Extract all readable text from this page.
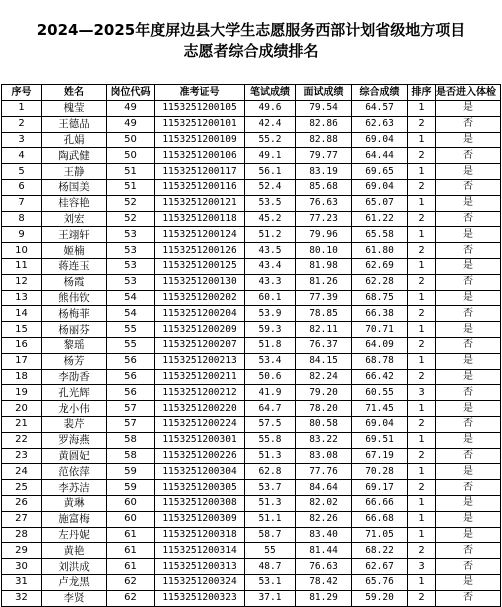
2024—2025年度屏边县大学生志愿服务西部计划省级地方项目
志愿者综合成绩排名
序号	姓名	岗位代码	准考证号	笔试成绩	面试成绩	综合成绩	排序	是否进入体检
1	槐莹	49	1153251200105	49.6	79.54	64.57	1	是
2	王德品	49	1153251200101	42.4	82.86	62.63	2	否
3	孔娟	50	1153251200109	55.2	82.88	69.04	1	是
4	陶武健	50	1153251200106	49.1	79.77	64.44	2	否
5	王静	51	1153251200117	56.1	83.19	69.65	1	是
6	杨国美	51	1153251200116	52.4	85.68	69.04	2	否
7	桂容艳	52	1153251200121	53.5	76.63	65.07	1	是
8	刘宏	52	1153251200118	45.2	77.23	61.22	2	否
9	王翊轩	53	1153251200124	51.2	79.96	65.58	1	是
10	姬楠	53	1153251200126	43.5	80.10	61.80	2	否
11	蒋连玉	53	1153251200125	43.4	81.98	62.69	1	是
12	杨霞	53	1153251200130	43.3	81.26	62.28	2	否
13	熊伟钦	54	1153251200202	60.1	77.39	68.75	1	是
14	杨梅菲	54	1153251200204	53.9	78.85	66.38	2	否
15	杨丽芬	55	1153251200209	59.3	82.11	70.71	1	是
16	黎瑶	55	1153251200207	51.8	76.37	64.09	2	否
17	杨芳	56	1153251200213	53.4	84.15	68.78	1	是
18	李劭香	56	1153251200211	50.6	82.24	66.42	2	是
19	孔光辉	56	1153251200212	41.9	79.20	60.55	3	否
20	龙小伟	57	1153251200220	64.7	78.20	71.45	1	是
21	裴芹	57	1153251200224	57.5	80.58	69.04	2	否
22	罗海燕	58	1153251200301	55.8	83.22	69.51	1	是
23	黄圆妃	58	1153251200226	51.3	83.08	67.19	2	否
24	范依萍	59	1153251200304	62.8	77.76	70.28	1	是
25	李苏洁	59	1153251200305	53.7	84.64	69.17	2	否
26	黄琳	60	1153251200308	51.3	82.02	66.66	1	是
27	施富梅	60	1153251200309	51.1	82.26	66.68	1	是
28	左丹妮	61	1153251200318	58.7	83.40	71.05	1	是
29	黄艳	61	1153251200314	55	81.44	68.22	2	否
30	刘洪成	61	1153251200313	48.7	76.63	62.67	3	否
31	卢龙黑	62	1153251200324	53.1	78.42	65.76	1	是
32	李贤	62	1153251200323	37.1	81.29	59.20	2	否
